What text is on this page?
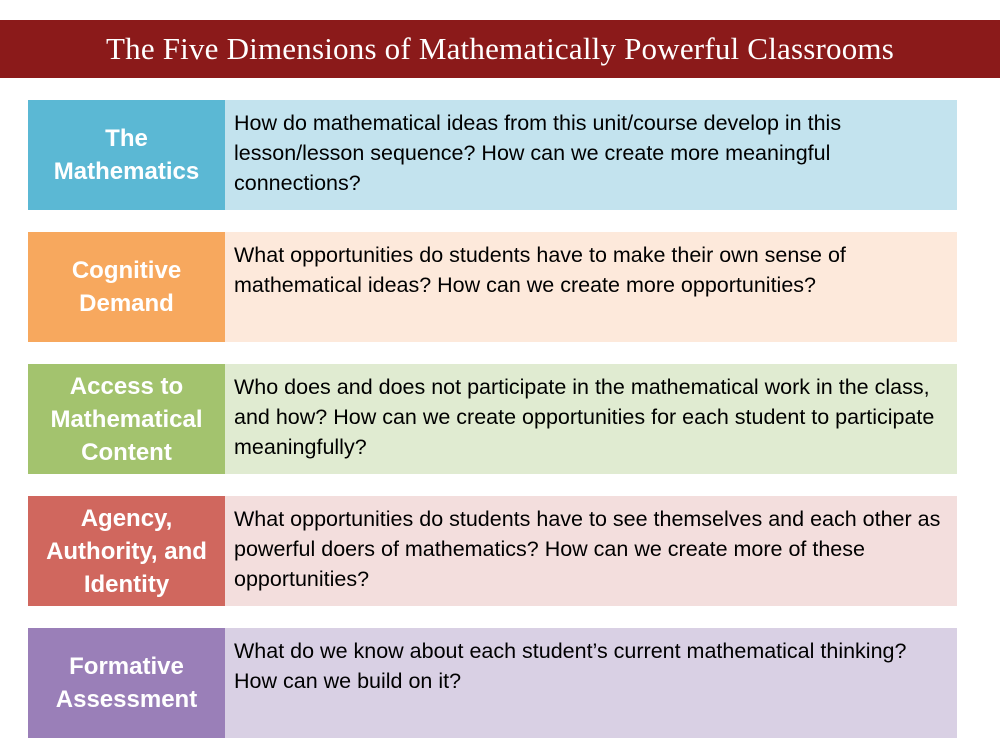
The Five Dimensions of Mathematically Powerful Classrooms
The Mathematics
How do mathematical ideas from this unit/course develop in this lesson/lesson sequence? How can we create more meaningful connections?
Cognitive Demand
What opportunities do students have to make their own sense of mathematical ideas? How can we create more opportunities?
Access to Mathematical Content
Who does and does not participate in the mathematical work in the class, and how? How can we create opportunities for each student to participate meaningfully?
Agency, Authority, and Identity
What opportunities do students have to see themselves and each other as powerful doers of mathematics? How can we create more of these opportunities?
Formative Assessment
What do we know about each student’s current mathematical thinking? How can we build on it?
